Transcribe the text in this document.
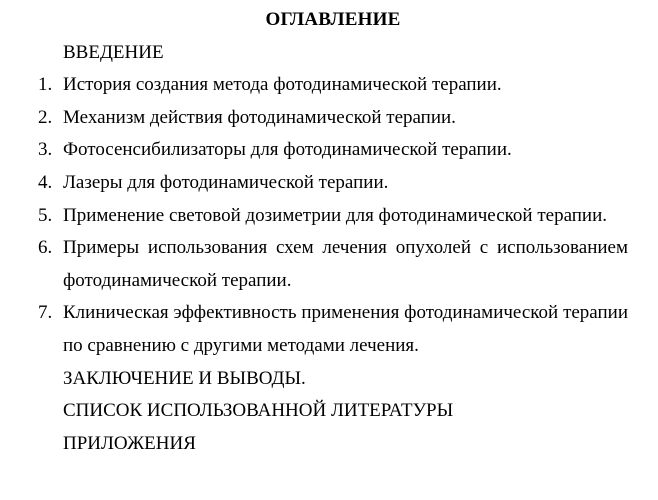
ОГЛАВЛЕНИЕ
ВВЕДЕНИЕ
1. История создания метода фотодинамической терапии.
2. Механизм действия фотодинамической терапии.
3. Фотосенсибилизаторы для фотодинамической терапии.
4. Лазеры для фотодинамической терапии.
5. Применение световой дозиметрии для фотодинамической терапии.
6. Примеры использования схем лечения опухолей с использованием фотодинамической терапии.
7. Клиническая эффективность применения фотодинамической терапии по сравнению с другими методами лечения.
ЗАКЛЮЧЕНИЕ И ВЫВОДЫ.
СПИСОК ИСПОЛЬЗОВАННОЙ ЛИТЕРАТУРЫ
ПРИЛОЖЕНИЯ
